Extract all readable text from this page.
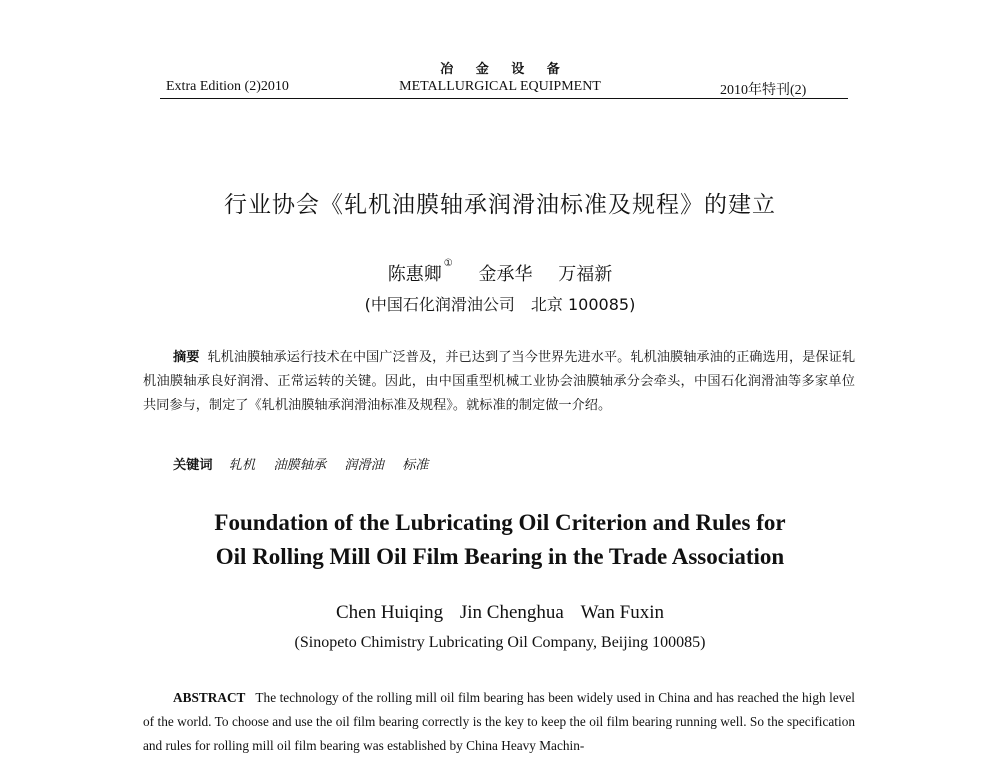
Extra Edition (2)2010
冶 金 设 备
METALLURGICAL EQUIPMENT	2010年特刊(2)
行业协会《轧机油膜轴承润滑油标准及规程》的建立
陈惠卿① 金承华 万福新
(中国石化润滑油公司　北京 100085)
摘要 轧机油膜轴承运行技术在中国广泛普及，并已达到了当今世界先进水平。轧机油膜轴承油的正确选用，是保证轧机油膜轴承良好润滑、正常运转的关键。因此，由中国重型机械工业协会油膜轴承分会牵头，中国石化润滑油等多家单位共同参与，制定了《轧机油膜轴承润滑油标准及规程》。就标准的制定做一介绍。
关键词 轧机 油膜轴承 润滑油 标准
Foundation of the Lubricating Oil Criterion and Rules for
Oil Rolling Mill Oil Film Bearing in the Trade Association
Chen Huiqing Jin Chenghua Wan Fuxin
(Sinopeto Chimistry Lubricating Oil Company, Beijing 100085)
ABSTRACT The technology of the rolling mill oil film bearing has been widely used in China and has reached the high level of the world. To choose and use the oil film bearing correctly is the key to keep the oil film bearing running well. So the specification and rules for rolling mill oil film bearing was established by China Heavy Machin-
